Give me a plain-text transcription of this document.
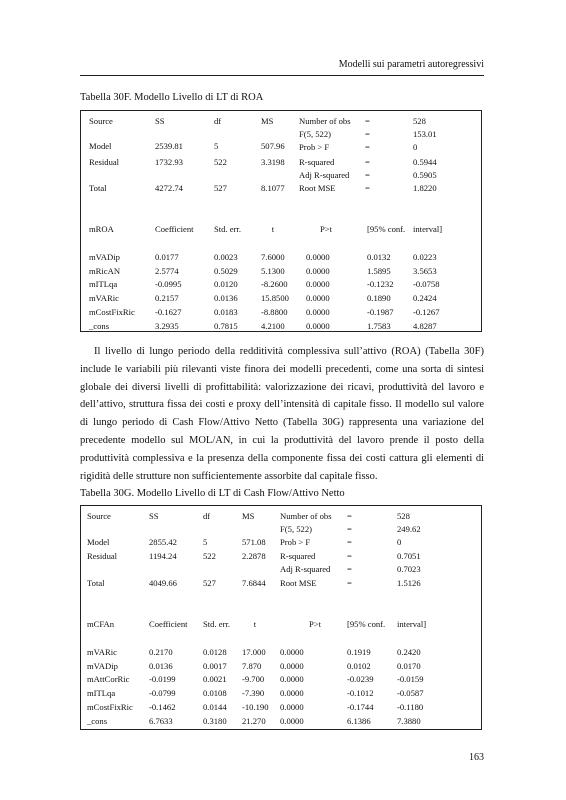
Modelli sui parametri autoregressivi
Tabella 30F. Modello Livello di LT di ROA
Source	SS	df	MS
Model	2539.81	5	507.96
Residual	1732.93	522	3.3198
Total	4272.74	527	8.1077
Number of obs =	528
F(5, 522)	=	153.01
Prob > F	=	0
R-squared	=	0.5944
Adj R-squared =	0.5905
Root MSE	=	1.8220
mROA	Coefficient Std. err.	t	P>t	[95% conf. interval]
mVADip	0.0177	0.0023	7.6000 0.0000	0.0132	0.0223
mRicAN	2.5774	0.5029	5.1300 0.0000	1.5895	3.5653
mITLqa	-0.0995	0.0120	-8.2600 0.0000	-0.1232 -0.0758
mVARic	0.2157	0.0136	15.8500 0.0000	0.1890	0.2424
mCostFixRic -0.1627	0.0183	-8.8800 0.0000	-0.1987 -0.1267
_cons	3.2935	0.7815	4.2100 0.0000	1.7583	4.8287

Il livello di lungo periodo della redditività complessiva sull’attivo (ROA) (Tabella 30F) include le variabili più rilevanti viste finora dei modelli precedenti, come una sorta di sintesi globale dei diversi livelli di profittabilità: valorizzazione dei ricavi, produttività del lavoro e dell’attivo, struttura fissa dei costi e proxy dell’intensità di capitale fisso. Il modello sul valore di lungo periodo di Cash Flow/Attivo Netto (Tabella 30G) rappresenta una variazione del precedente modello sul MOL/AN, in cui la produttività del lavoro prende il posto della produttività complessiva e la presenza della componente fissa dei costi cattura gli elementi di rigidità delle strutture non sufficientemente assorbite dal capitale fisso.

Tabella 30G. Modello Livello di LT di Cash Flow/Attivo Netto
Source	SS	df	MS
Model	2855.42	5	571.08
Residual	1194.24	522	2.2878
Total	4049.66	527	7.6844
Number of obs =	528
F(5, 522)	=	249.62
Prob > F	=	0
R-squared	=	0.7051
Adj R-squared =	0.7023
Root MSE	=	1.5126
mCFAn	Coefficient Std. err.	t	P>t	[95% conf. interval]
mVARic	0.2170	0.0128 17.000 0.0000	0.1919	0.2420
mVADip	0.0136	0.0017 7.870 0.0000	0.0102	0.0170
mAttCorRic -0.0199	0.0021 -9.700 0.0000	-0.0239	-0.0159
mITLqa	-0.0799	0.0108 -7.390 0.0000	-0.1012	-0.0587
mCostFixRic -0.1462	0.0144 -10.190 0.0000	-0.1744	-0.1180
_cons	6.7633	0.3180 21.270 0.0000	6.1386	7.3880
163
